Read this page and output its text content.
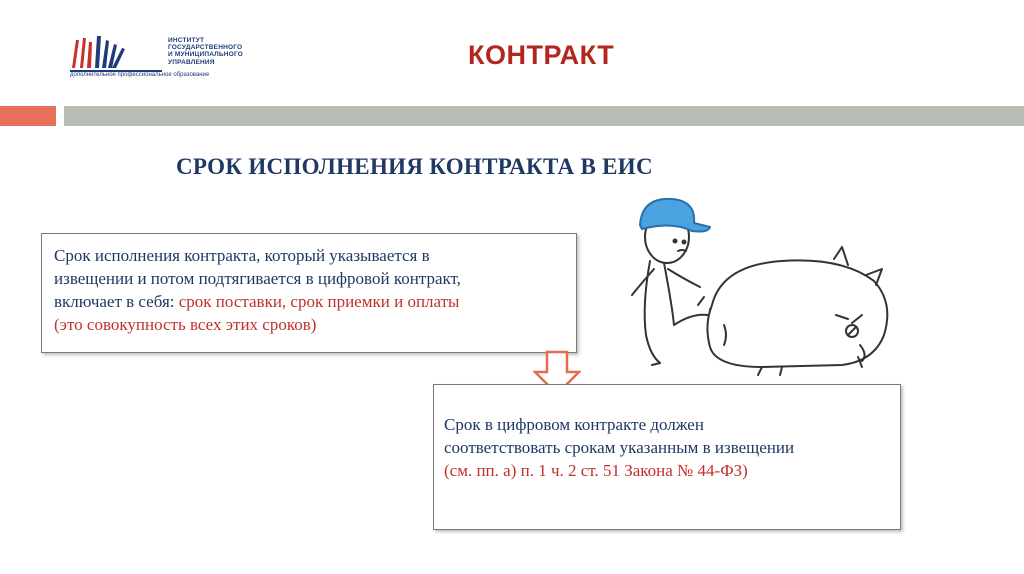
ИНСТИТУТ
ГОСУДАРСТВЕННОГО
И МУНИЦИПАЛЬНОГО
УПРАВЛЕНИЯ
дополнительное профессиональное образование
КОНТРАКТ
СРОК ИСПОЛНЕНИЯ КОНТРАКТА В ЕИС
Срок исполнения контракта, который указывается в
извещении и потом подтягивается в цифровой контракт,
включает в себя: срок поставки, срок приемки и оплаты
(это совокупность всех этих сроков)
Срок в цифровом контракте должен
соответствовать срокам указанным в извещении
(см. пп. а) п. 1 ч. 2 ст. 51 Закона № 44-ФЗ)
